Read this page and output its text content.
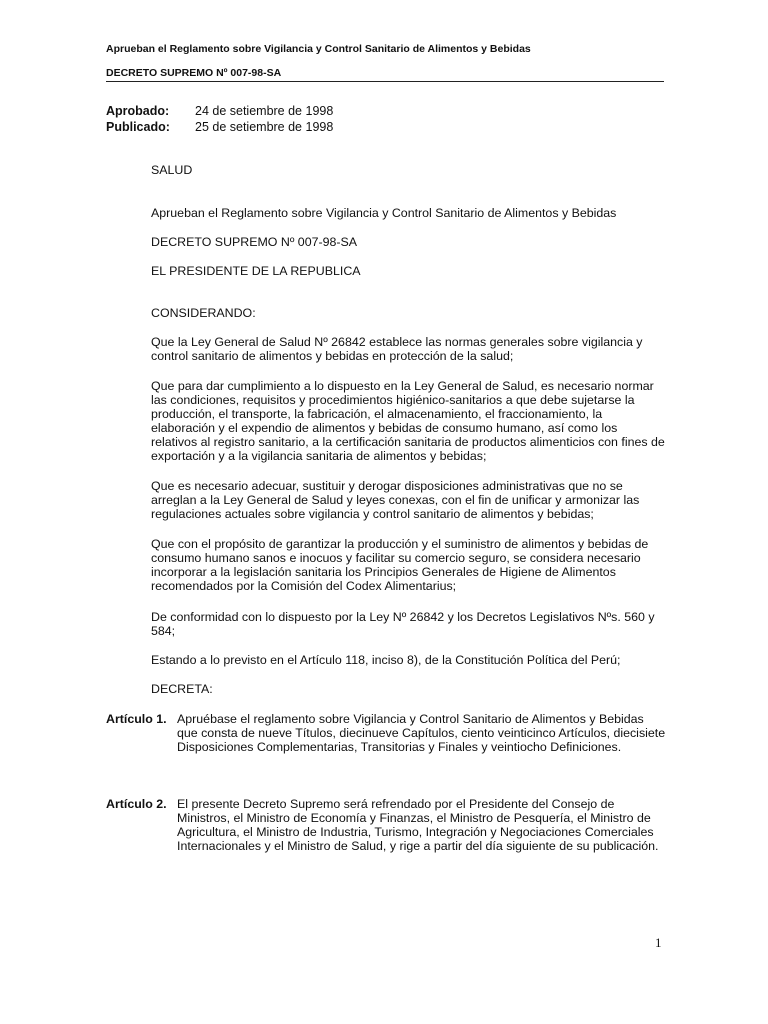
Aprueban el Reglamento sobre Vigilancia y Control Sanitario de Alimentos y Bebidas
DECRETO SUPREMO Nº 007-98-SA
Aprobado: 24 de setiembre de 1998
Publicado: 25 de setiembre de 1998

SALUD

Aprueban el Reglamento sobre Vigilancia y Control Sanitario de Alimentos y Bebidas

DECRETO SUPREMO Nº 007-98-SA

EL PRESIDENTE DE LA REPUBLICA

CONSIDERANDO:

Que la Ley General de Salud Nº 26842 establece las normas generales sobre vigilancia y control sanitario de alimentos y bebidas en protección de la salud;

Que para dar cumplimiento a lo dispuesto en la Ley General de Salud, es necesario normar las condiciones, requisitos y procedimientos higiénico-sanitarios a que debe sujetarse la producción, el transporte, la fabricación, el almacenamiento, el fraccionamiento, la elaboración y el expendio de alimentos y bebidas de consumo humano, así como los relativos al registro sanitario, a la certificación sanitaria de productos alimenticios con fines de exportación y a la vigilancia sanitaria de alimentos y bebidas;

Que es necesario adecuar, sustituir y derogar disposiciones administrativas que no se arreglan a la Ley General de Salud y leyes conexas, con el fin de unificar y armonizar las regulaciones actuales sobre vigilancia y control sanitario de alimentos y bebidas;

Que con el propósito de garantizar la producción y el suministro de alimentos y bebidas de consumo humano sanos e inocuos y facilitar su comercio seguro, se considera necesario incorporar a la legislación sanitaria los Principios Generales de Higiene de Alimentos recomendados por la Comisión del Codex Alimentarius;

De conformidad con lo dispuesto por la Ley Nº 26842 y los Decretos Legislativos Nºs. 560 y 584;

Estando a lo previsto en el Artículo 118, inciso 8), de la Constitución Política del Perú;

DECRETA:

Artículo 1. Apruébase el reglamento sobre Vigilancia y Control Sanitario de Alimentos y Bebidas que consta de nueve Títulos, diecinueve Capítulos, ciento veinticinco Artículos, diecisiete Disposiciones Complementarias, Transitorias y Finales y veintiocho Definiciones.

Artículo 2. El presente Decreto Supremo será refrendado por el Presidente del Consejo de Ministros, el Ministro de Economía y Finanzas, el Ministro de Pesquería, el Ministro de Agricultura, el Ministro de Industria, Turismo, Integración y Negociaciones Comerciales Internacionales y el Ministro de Salud, y rige a partir del día siguiente de su publicación.

1
